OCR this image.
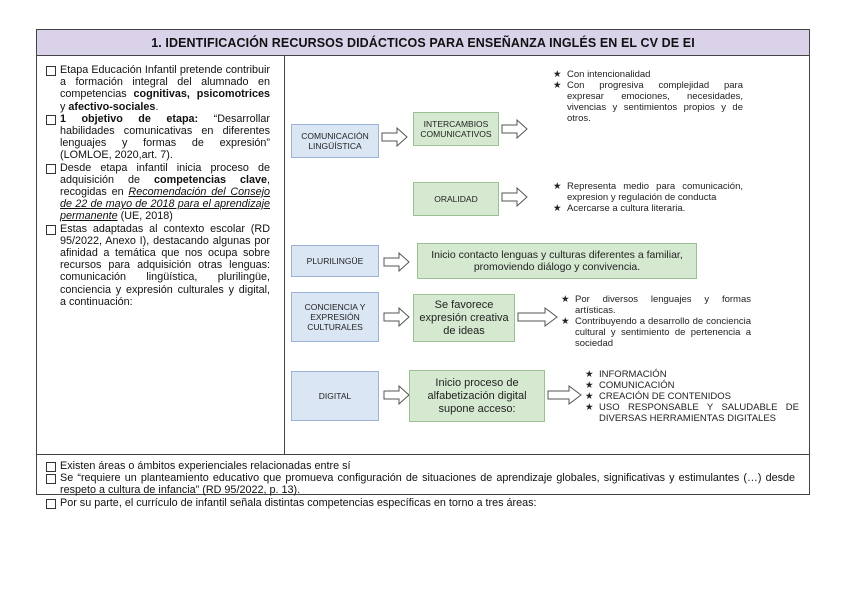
1. IDENTIFICACIÓN RECURSOS DIDÁCTICOS PARA ENSEÑANZA INGLÉS EN EL CV DE EI

Etapa Educación Infantil pretende contribuir a formación integral del alumnado en competencias cognitivas, psicomotrices y afectivo-sociales.

1 objetivo de etapa: “Desarrollar habilidades comunicativas en diferentes lenguajes y formas de expresión” (LOMLOE, 2020,art. 7).

Desde etapa infantil inicia proceso de adquisición de competencias clave, recogidas en Recomendación del Consejo de 22 de mayo de 2018 para el aprendizaje permanente (UE, 2018)

Estas adaptadas al contexto escolar (RD 95/2022, Anexo I), destacando algunas por afinidad a temática que nos ocupa sobre recursos para adquisición otras lenguas: comunicación lingüística, plurilingüe, conciencia y expresión culturales y digital, a continuación:

COMUNICACIÓN LINGÜÍSTICA
INTERCAMBIOS COMUNICATIVOS
★ Con intencionalidad
★ Con progresiva complejidad para expresar emociones, necesidades, vivencias y sentimientos propios y de otros.
ORALIDAD
★ Representa medio para comunicación, expresion y regulación de conducta
★ Acercarse a cultura literaria.
PLURILINGÜE	Inicio contacto lenguas y culturas diferentes a familiar, promoviendo diálogo y convivencia.
CONCIENCIA Y EXPRESIÓN CULTURALES
Se favorece expresión creativa de ideas
★ Por diversos lenguajes y formas artísticas.
★ Contribuyendo a desarrollo de conciencia cultural y sentimiento de pertenencia a sociedad
DIGITAL
Inicio proceso de alfabetización digital supone acceso:
★ INFORMACIÓN
★ COMUNICACIÓN
★ CREACIÓN DE CONTENIDOS
★ USO RESPONSABLE Y SALUDABLE DE DIVERSAS HERRAMIENTAS DIGITALES

Existen áreas o ámbitos experienciales relacionadas entre sí

Se “requiere un planteamiento educativo que promueva configuración de situaciones de aprendizaje globales, significativas y estimulantes (…) desde respeto a cultura de infancia” (RD 95/2022, p. 13).

Por su parte, el currículo de infantil señala distintas competencias específicas en torno a tres áreas:
